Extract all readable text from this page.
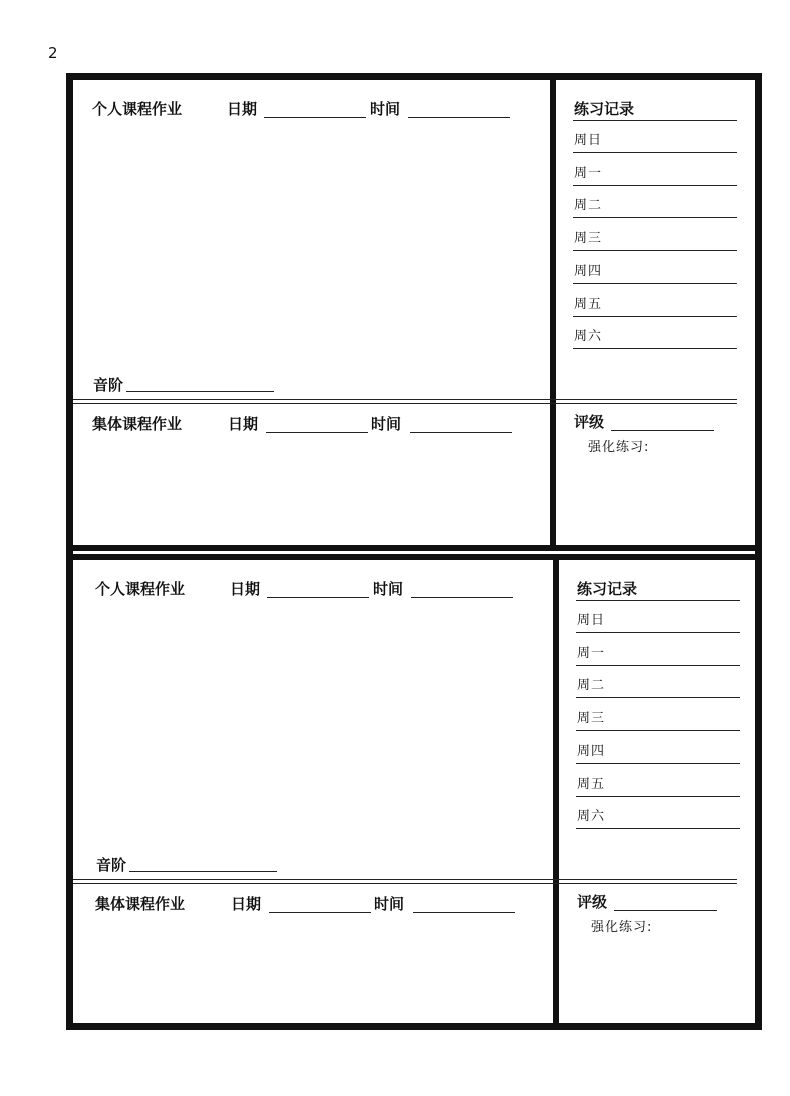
2
个人课程作业	日期	时间
音阶
集体课程作业	日期	时间
练习记录
周日
周一
周二
周三
周四
周五
周六
评级
强化练习:
个人课程作业	日期	时间
音阶
集体课程作业	日期	时间
练习记录
周日
周一
周二
周三
周四
周五
周六
评级
强化练习:
